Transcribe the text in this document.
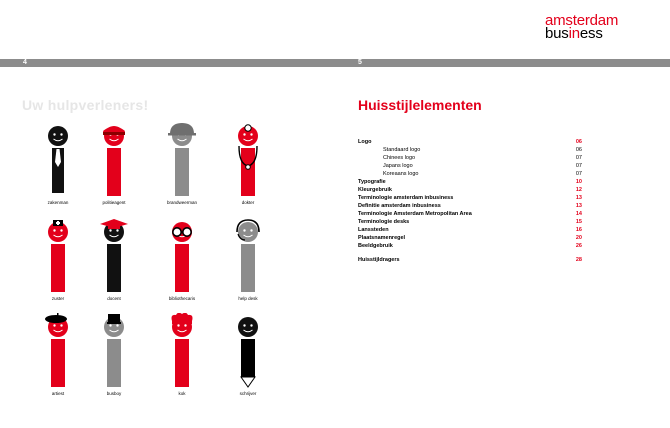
amsterdam
business
4	5
Uw hulpverleners!	Huisstijlelementen
zakenman	politieagent	brandweerman	dokter
zuster	docent	bibliothecaris	help desk
artiest	busboy	kok	schrijver
Logo	06
Standaard logo	06
Chinees logo	07
Japans logo	07
Koreaans logo	07
Typografie	10
Kleurgebruik	12
Terminologie amsterdam inbusiness	13
Definitie amsterdam inbusiness	13
Terminologie Amsterdam Metropolitan Area	14
Terminologie desks	15
Lanssteden	16
Plaatsnamenregel	20
Beeldgebruik	26
Huisstijldragers	28
